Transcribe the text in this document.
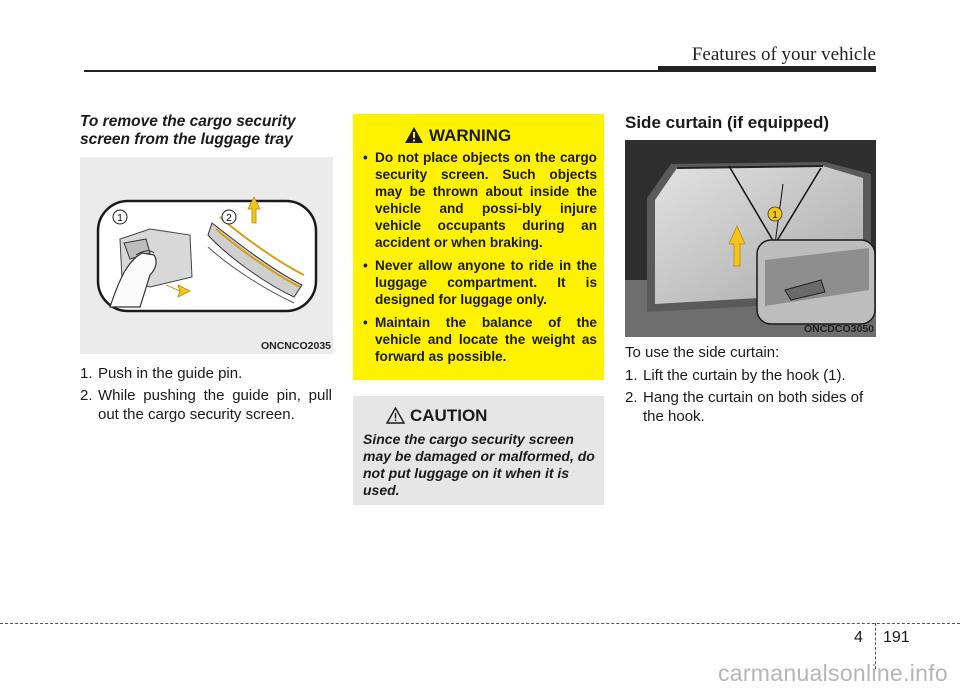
Features of your vehicle
To remove the cargo security
screen from the luggage tray
1	2
ONCNCO2035
1. Push in the guide pin.
2. While pushing the guide pin, pull out the cargo security screen.
WARNING
• Do not place objects on the cargo security screen. Such objects may be thrown about inside the vehicle and possi-bly injure vehicle occupants during an accident or when braking.
• Never allow anyone to ride in the luggage compartment. It is designed for luggage only.
• Maintain the balance of the vehicle and locate the weight as forward as possible.
CAUTION
Since the cargo security screen may be damaged or malformed, do not put luggage on it when it is used.
Side curtain (if equipped)
1
ONCDCO3050
To use the side curtain:
1. Lift the curtain by the hook (1).
2. Hang the curtain on both sides of the hook.
4 191
carmanualsonline.info
